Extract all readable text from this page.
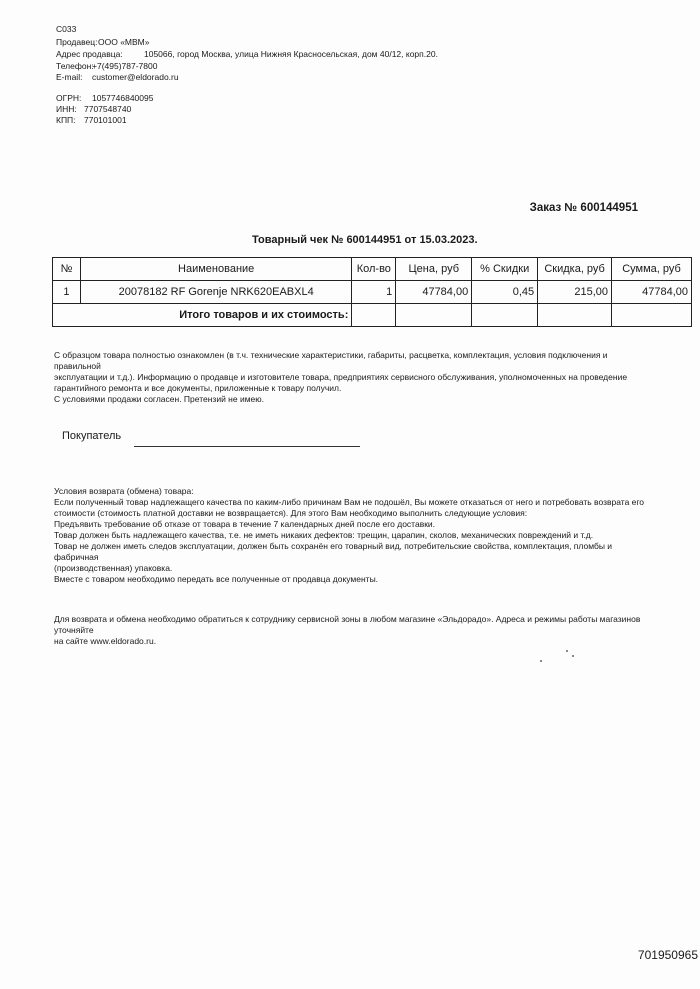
С033
Продавец: ООО «МВМ»
Адрес продавца:	105066, город Москва, улица Нижняя Красносельская, дом 40/12, корп.20.
Телефон:
+7(495)787-7800
E-mail: customer@eldorado.ru
ОГРН: 1057746840095
ИНН: 7707548740
КПП: 770101001
Заказ № 600144951
Товарный чек № 600144951 от 15.03.2023.
№	Наименование	Кол-во	Цена, руб	% Скидки	Скидка, руб	Сумма, руб
1	20078182 RF Gorenje NRK620EABXL4	1	47784,00	0,45	215,00	47784,00
Итого товаров и их стоимость:						
С образцом товара полностью ознакомлен (в т.ч. технические характеристики, габариты, расцветка, комплектация, условия подключения и
правильной
эксплуатации и т.д.). Информацию о продавце и изготовителе товара, предприятиях сервисного обслуживания, уполномоченных на проведение
гарантийного ремонта и все документы, приложенные к товару получил.
С условиями продажи согласен. Претензий не имею.
Покупатель
Условия возврата (обмена) товара:
Если полученный товар надлежащего качества по каким-либо причинам Вам не подошёл, Вы можете отказаться от него и потребовать возврата его
стоимости (стоимость платной доставки не возвращается). Для этого Вам необходимо выполнить следующие условия:
Предъявить требование об отказе от товара в течение 7 календарных дней после его доставки.
Товар должен быть надлежащего качества, т.е. не иметь никаких дефектов: трещин, царапин, сколов, механических повреждений и т.д.
Товар не должен иметь следов эксплуатации, должен быть сохранён его товарный вид, потребительские свойства, комплектация, пломбы и
фабричная
(производственная) упаковка.
Вместе с товаром необходимо передать все полученные от продавца документы.
Для возврата и обмена необходимо обратиться к сотруднику сервисной зоны в любом магазине «Эльдорадо». Адреса и режимы работы магазинов
уточняйте
на сайте www.eldorado.ru.
701950965
